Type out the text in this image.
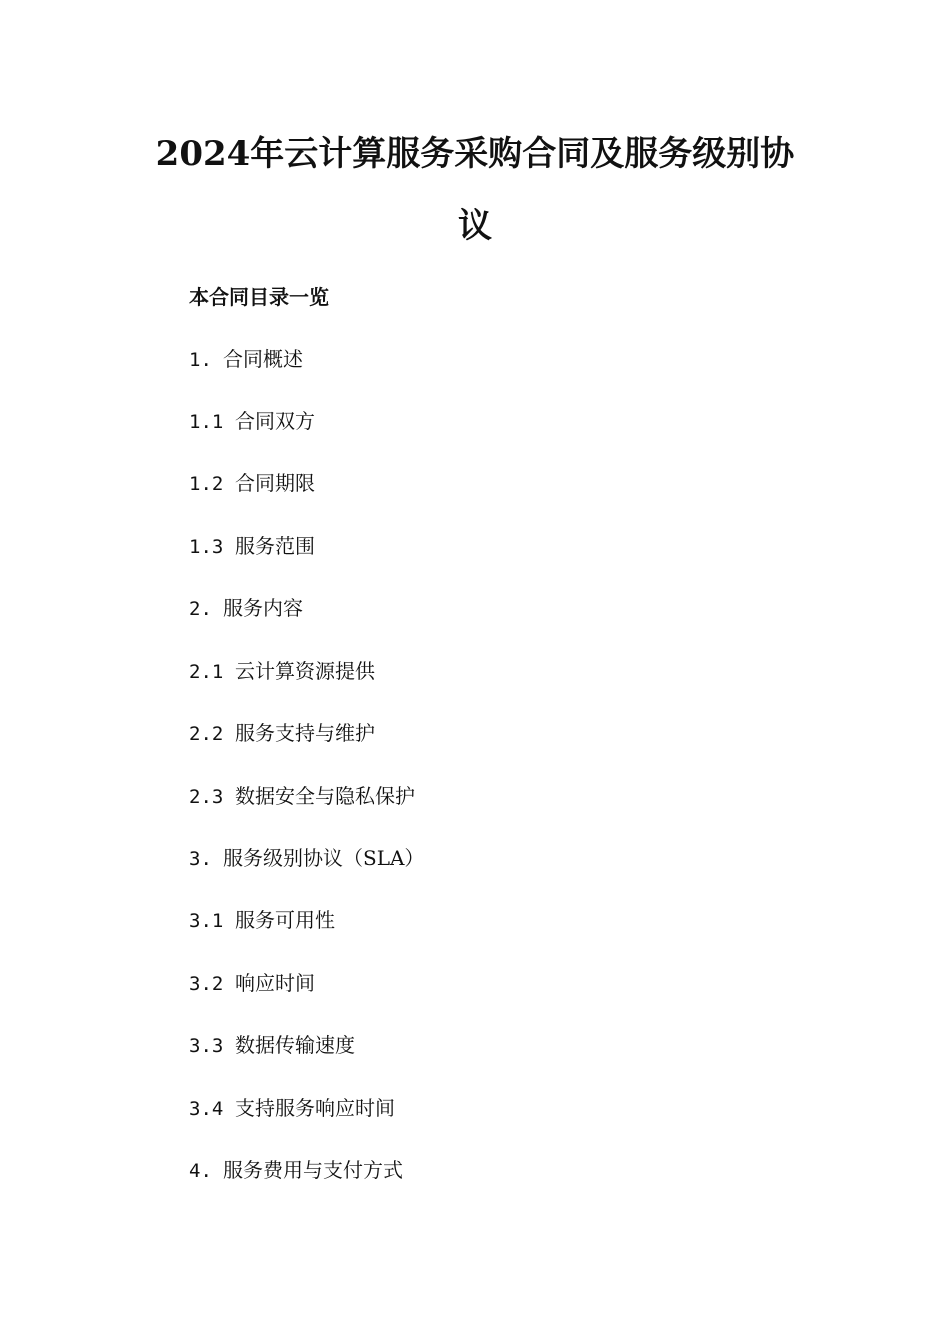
2024年云计算服务采购合同及服务级别协
议
本合同目录一览
1. 合同概述
1.1 合同双方
1.2 合同期限
1.3 服务范围
2. 服务内容
2.1 云计算资源提供
2.2 服务支持与维护
2.3 数据安全与隐私保护
3. 服务级别协议（SLA）
3.1 服务可用性
3.2 响应时间
3.3 数据传输速度
3.4 支持服务响应时间
4. 服务费用与支付方式
